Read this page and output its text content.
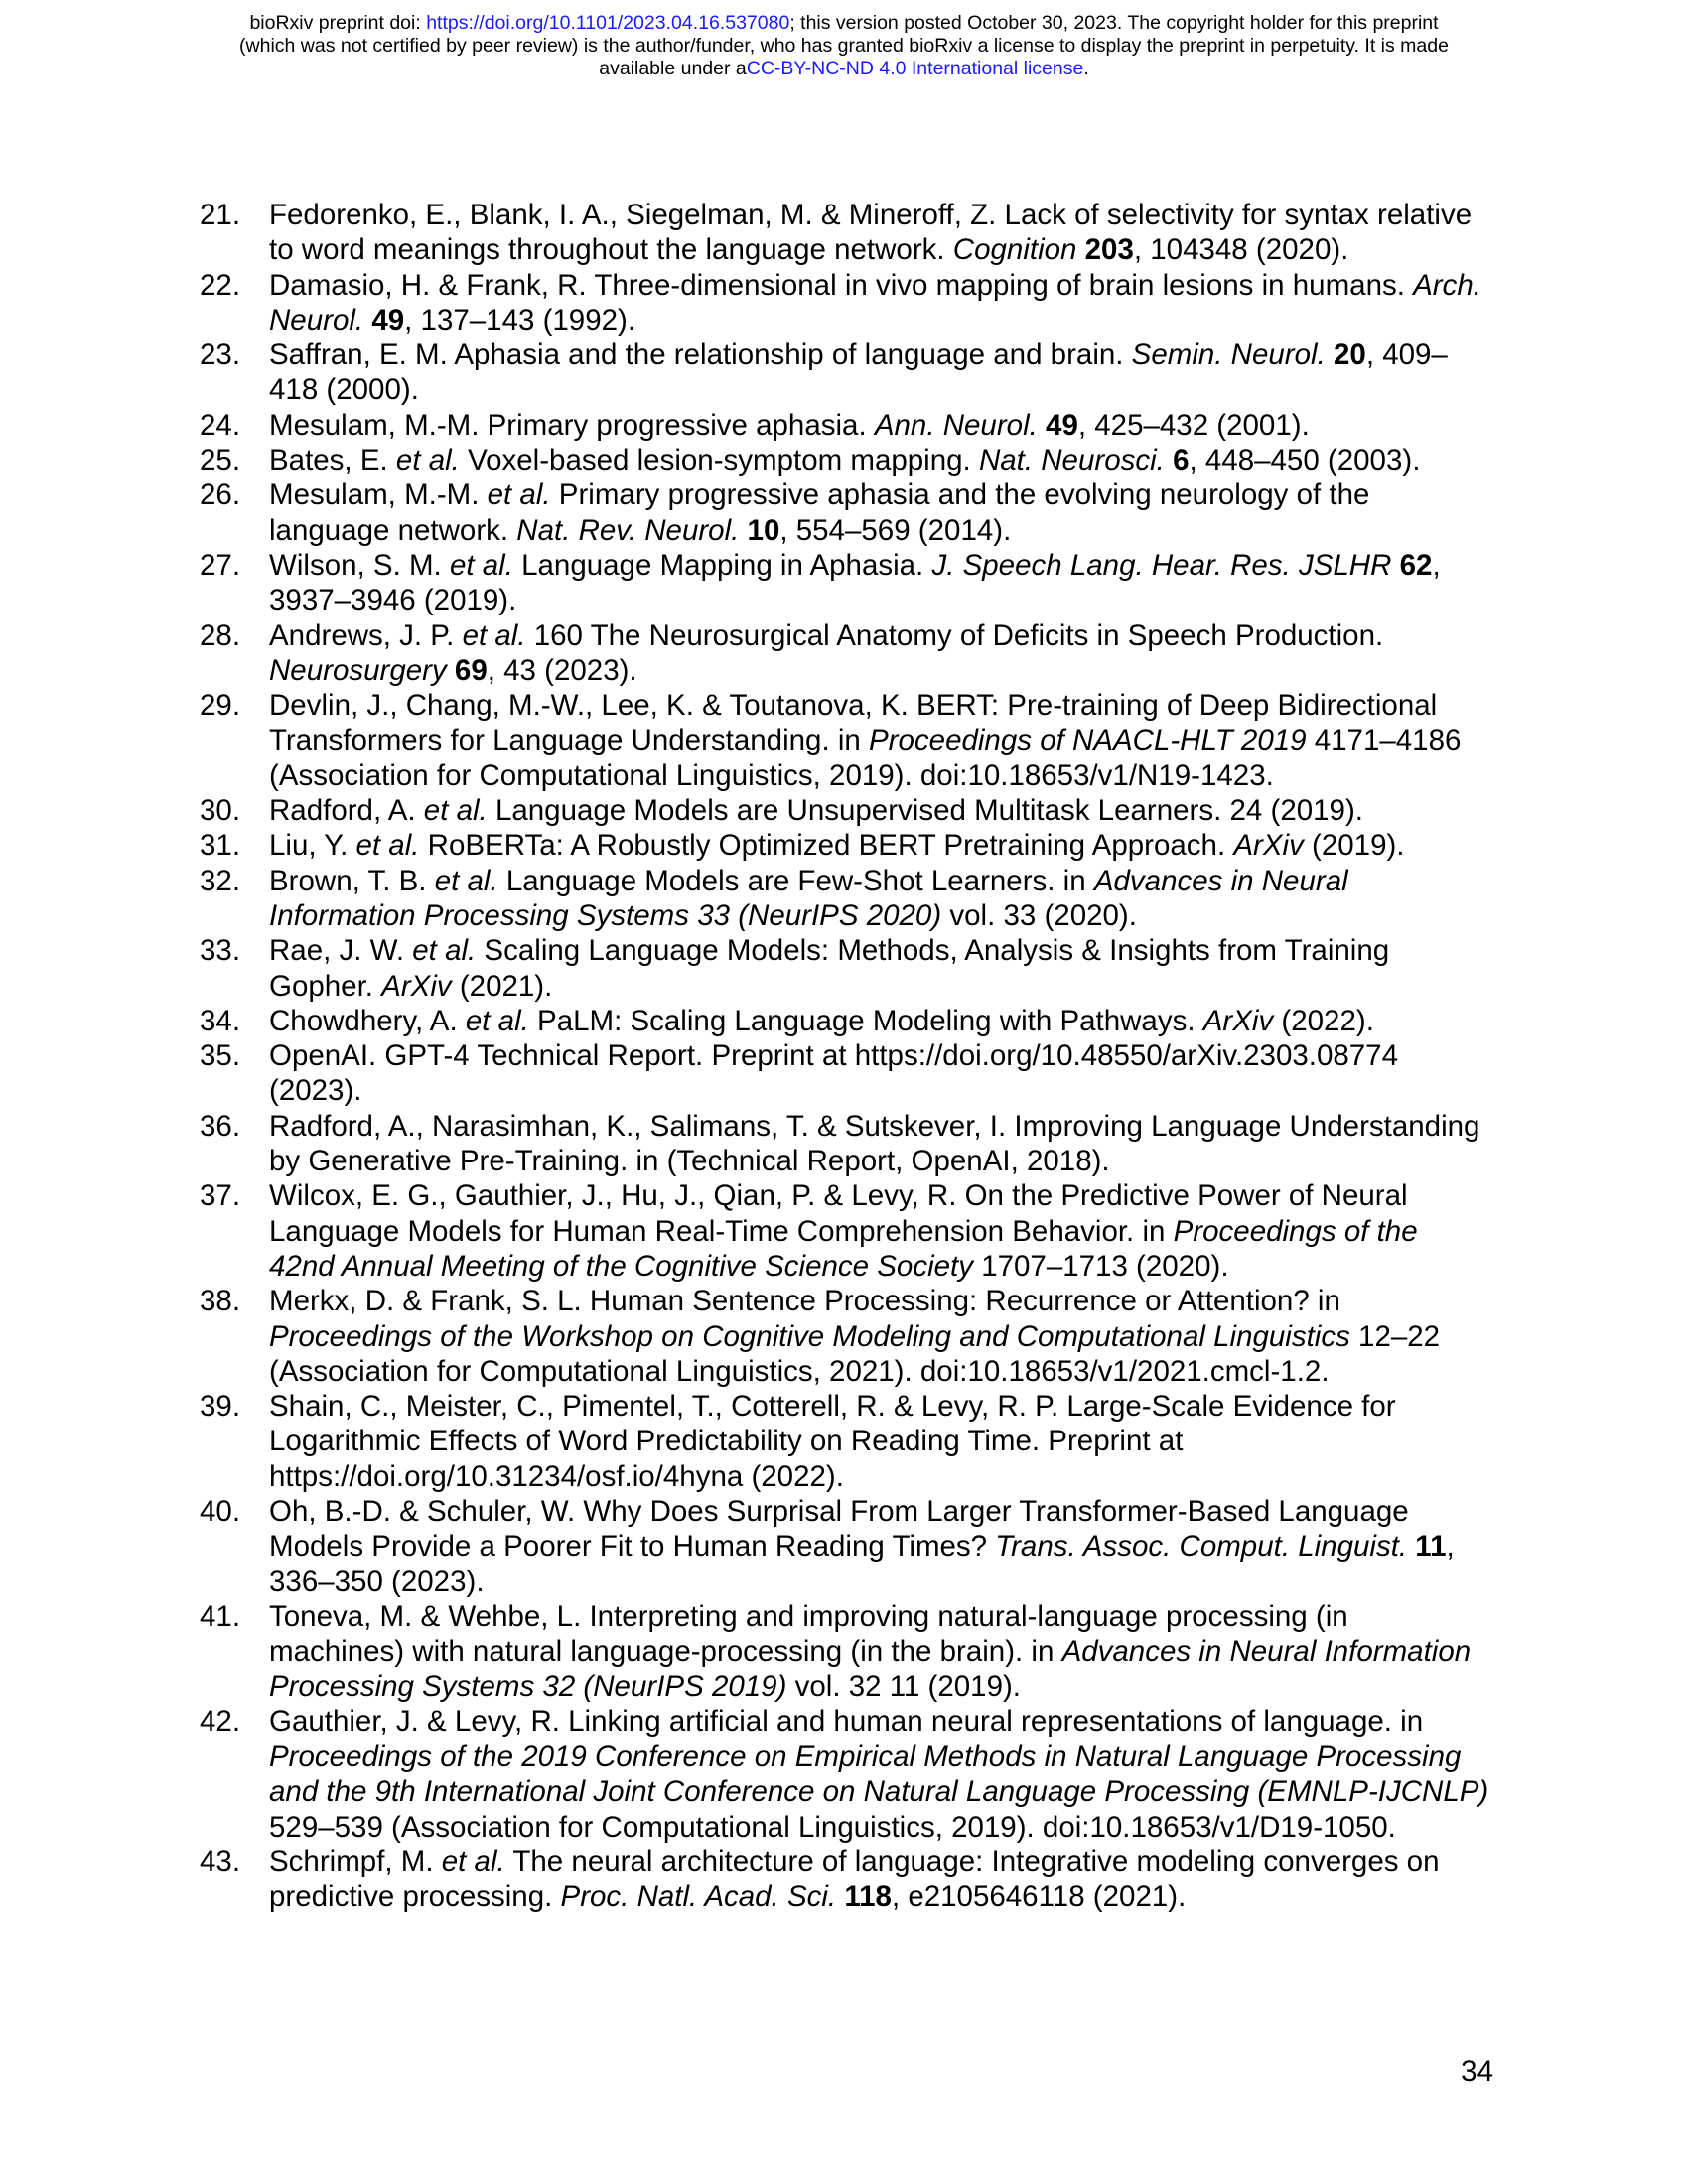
bioRxiv preprint doi: https://doi.org/10.1101/2023.04.16.537080; this version posted October 30, 2023. The copyright holder for this preprint
(which was not certified by peer review) is the author/funder, who has granted bioRxiv a license to display the preprint in perpetuity. It is made
available under aCC-BY-NC-ND 4.0 International license.
21. Fedorenko, E., Blank, I. A., Siegelman, M. & Mineroff, Z. Lack of selectivity for syntax relative to word meanings throughout the language network. Cognition 203, 104348 (2020).
22. Damasio, H. & Frank, R. Three-dimensional in vivo mapping of brain lesions in humans. Arch. Neurol. 49, 137–143 (1992).
23. Saffran, E. M. Aphasia and the relationship of language and brain. Semin. Neurol. 20, 409–418 (2000).
24. Mesulam, M.-M. Primary progressive aphasia. Ann. Neurol. 49, 425–432 (2001).
25. Bates, E. et al. Voxel-based lesion-symptom mapping. Nat. Neurosci. 6, 448–450 (2003).
26. Mesulam, M.-M. et al. Primary progressive aphasia and the evolving neurology of the language network. Nat. Rev. Neurol. 10, 554–569 (2014).
27. Wilson, S. M. et al. Language Mapping in Aphasia. J. Speech Lang. Hear. Res. JSLHR 62, 3937–3946 (2019).
28. Andrews, J. P. et al. 160 The Neurosurgical Anatomy of Deficits in Speech Production. Neurosurgery 69, 43 (2023).
29. Devlin, J., Chang, M.-W., Lee, K. & Toutanova, K. BERT: Pre-training of Deep Bidirectional Transformers for Language Understanding. in Proceedings of NAACL-HLT 2019 4171–4186 (Association for Computational Linguistics, 2019). doi:10.18653/v1/N19-1423.
30. Radford, A. et al. Language Models are Unsupervised Multitask Learners. 24 (2019).
31. Liu, Y. et al. RoBERTa: A Robustly Optimized BERT Pretraining Approach. ArXiv (2019).
32. Brown, T. B. et al. Language Models are Few-Shot Learners. in Advances in Neural Information Processing Systems 33 (NeurIPS 2020) vol. 33 (2020).
33. Rae, J. W. et al. Scaling Language Models: Methods, Analysis & Insights from Training Gopher. ArXiv (2021).
34. Chowdhery, A. et al. PaLM: Scaling Language Modeling with Pathways. ArXiv (2022).
35. OpenAI. GPT-4 Technical Report. Preprint at https://doi.org/10.48550/arXiv.2303.08774 (2023).
36. Radford, A., Narasimhan, K., Salimans, T. & Sutskever, I. Improving Language Understanding by Generative Pre-Training. in (Technical Report, OpenAI, 2018).
37. Wilcox, E. G., Gauthier, J., Hu, J., Qian, P. & Levy, R. On the Predictive Power of Neural Language Models for Human Real-Time Comprehension Behavior. in Proceedings of the 42nd Annual Meeting of the Cognitive Science Society 1707–1713 (2020).
38. Merkx, D. & Frank, S. L. Human Sentence Processing: Recurrence or Attention? in Proceedings of the Workshop on Cognitive Modeling and Computational Linguistics 12–22 (Association for Computational Linguistics, 2021). doi:10.18653/v1/2021.cmcl-1.2.
39. Shain, C., Meister, C., Pimentel, T., Cotterell, R. & Levy, R. P. Large-Scale Evidence for Logarithmic Effects of Word Predictability on Reading Time. Preprint at https://doi.org/10.31234/osf.io/4hyna (2022).
40. Oh, B.-D. & Schuler, W. Why Does Surprisal From Larger Transformer-Based Language Models Provide a Poorer Fit to Human Reading Times? Trans. Assoc. Comput. Linguist. 11, 336–350 (2023).
41. Toneva, M. & Wehbe, L. Interpreting and improving natural-language processing (in machines) with natural language-processing (in the brain). in Advances in Neural Information Processing Systems 32 (NeurIPS 2019) vol. 32 11 (2019).
42. Gauthier, J. & Levy, R. Linking artificial and human neural representations of language. in Proceedings of the 2019 Conference on Empirical Methods in Natural Language Processing and the 9th International Joint Conference on Natural Language Processing (EMNLP-IJCNLP) 529–539 (Association for Computational Linguistics, 2019). doi:10.18653/v1/D19-1050.
43. Schrimpf, M. et al. The neural architecture of language: Integrative modeling converges on predictive processing. Proc. Natl. Acad. Sci. 118, e2105646118 (2021).
34
